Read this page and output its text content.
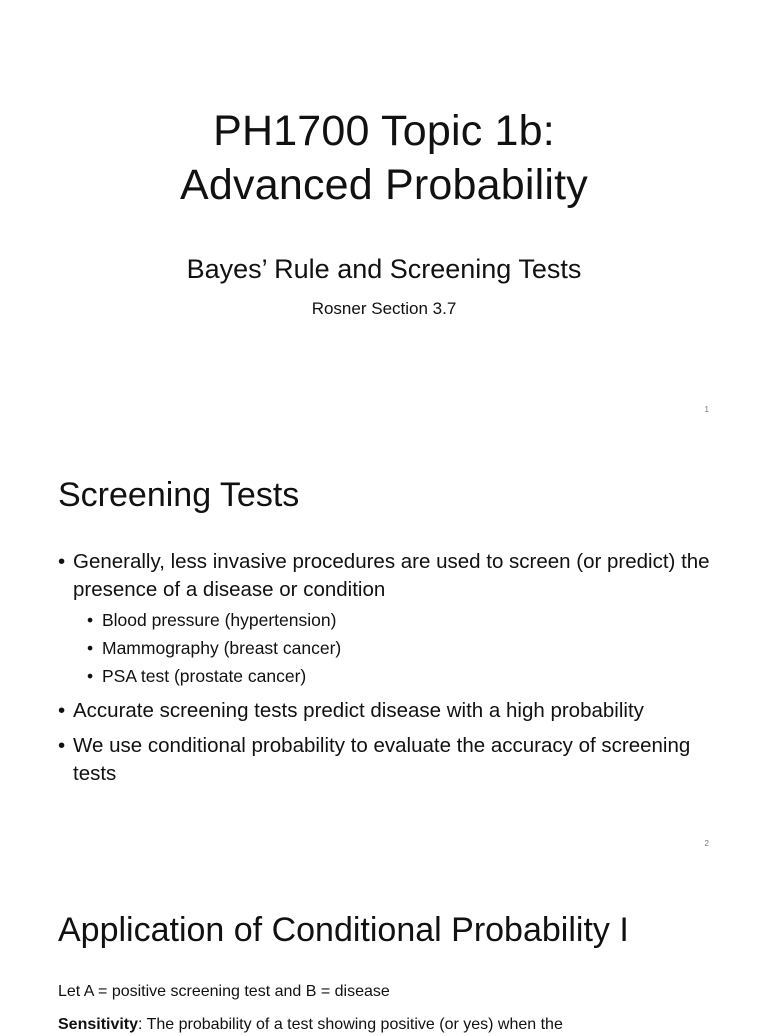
PH1700 Topic 1b:
Advanced Probability
Bayes’ Rule and Screening Tests
Rosner Section 3.7
1
Screening Tests
• Generally, less invasive procedures are used to screen (or predict) the presence of a disease or condition
• Blood pressure (hypertension)
• Mammography (breast cancer)
• PSA test (prostate cancer)
• Accurate screening tests predict disease with a high probability
• We use conditional probability to evaluate the accuracy of screening tests
2
Application of Conditional Probability I
Let A = positive screening test and B = disease
Sensitivity: The probability of a test showing positive (or yes) when the
